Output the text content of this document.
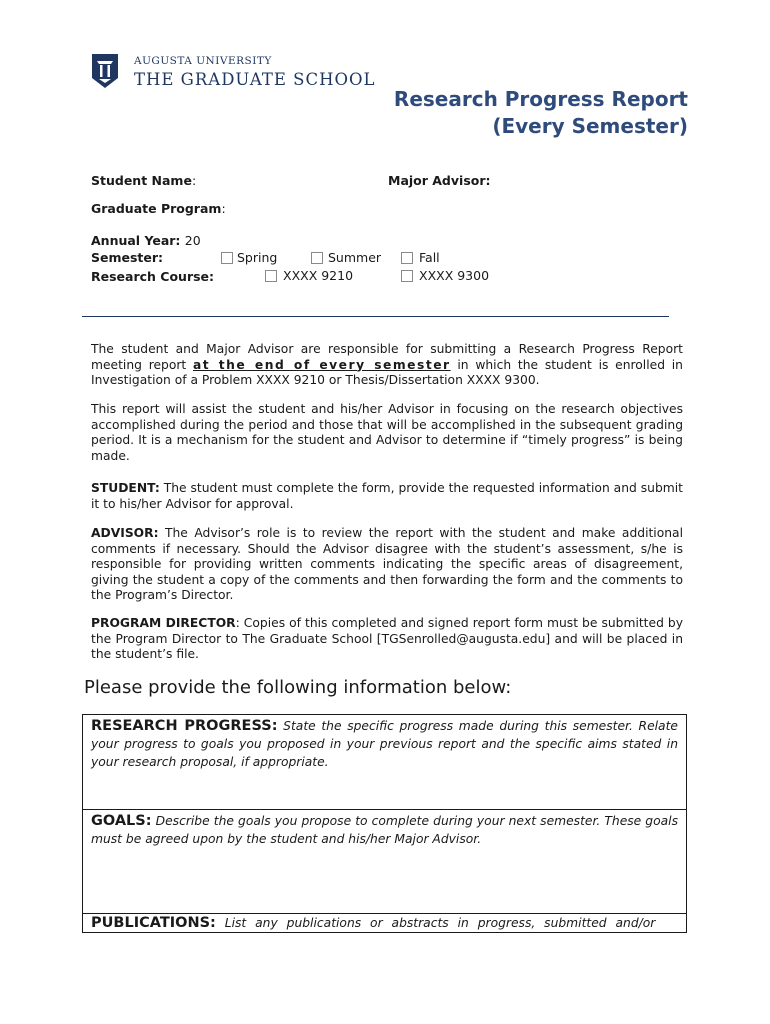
AUGUSTA UNIVERSITY
THE GRADUATE SCHOOL
Research Progress Report
(Every Semester)
Student Name:	Major Advisor:
Graduate Program:
Annual Year: 20
Semester:	Spring	Summer	Fall
Research Course:	XXXX 9210	XXXX 9300
The student and Major Advisor are responsible for submitting a Research Progress Report meeting report at the end of every semester in which the student is enrolled in Investigation of a Problem XXXX 9210 or Thesis/Dissertation XXXX 9300.
This report will assist the student and his/her Advisor in focusing on the research objectives accomplished during the period and those that will be accomplished in the subsequent grading period. It is a mechanism for the student and Advisor to determine if “timely progress” is being made.
STUDENT: The student must complete the form, provide the requested information and submit it to his/her Advisor for approval.
ADVISOR: The Advisor’s role is to review the report with the student and make additional comments if necessary. Should the Advisor disagree with the student’s assessment, s/he is responsible for providing written comments indicating the specific areas of disagreement, giving the student a copy of the comments and then forwarding the form and the comments to the Program’s Director.
PROGRAM DIRECTOR: Copies of this completed and signed report form must be submitted by the Program Director to The Graduate School [TGSenrolled@augusta.edu] and will be placed in the student’s file.
Please provide the following information below:
RESEARCH PROGRESS: State the specific progress made during this semester. Relate your progress to goals you proposed in your previous report and the specific aims stated in your research proposal, if appropriate.
GOALS: Describe the goals you propose to complete during your next semester. These goals must be agreed upon by the student and his/her Major Advisor.
PUBLICATIONS: List any publications or abstracts in progress, submitted and/or
